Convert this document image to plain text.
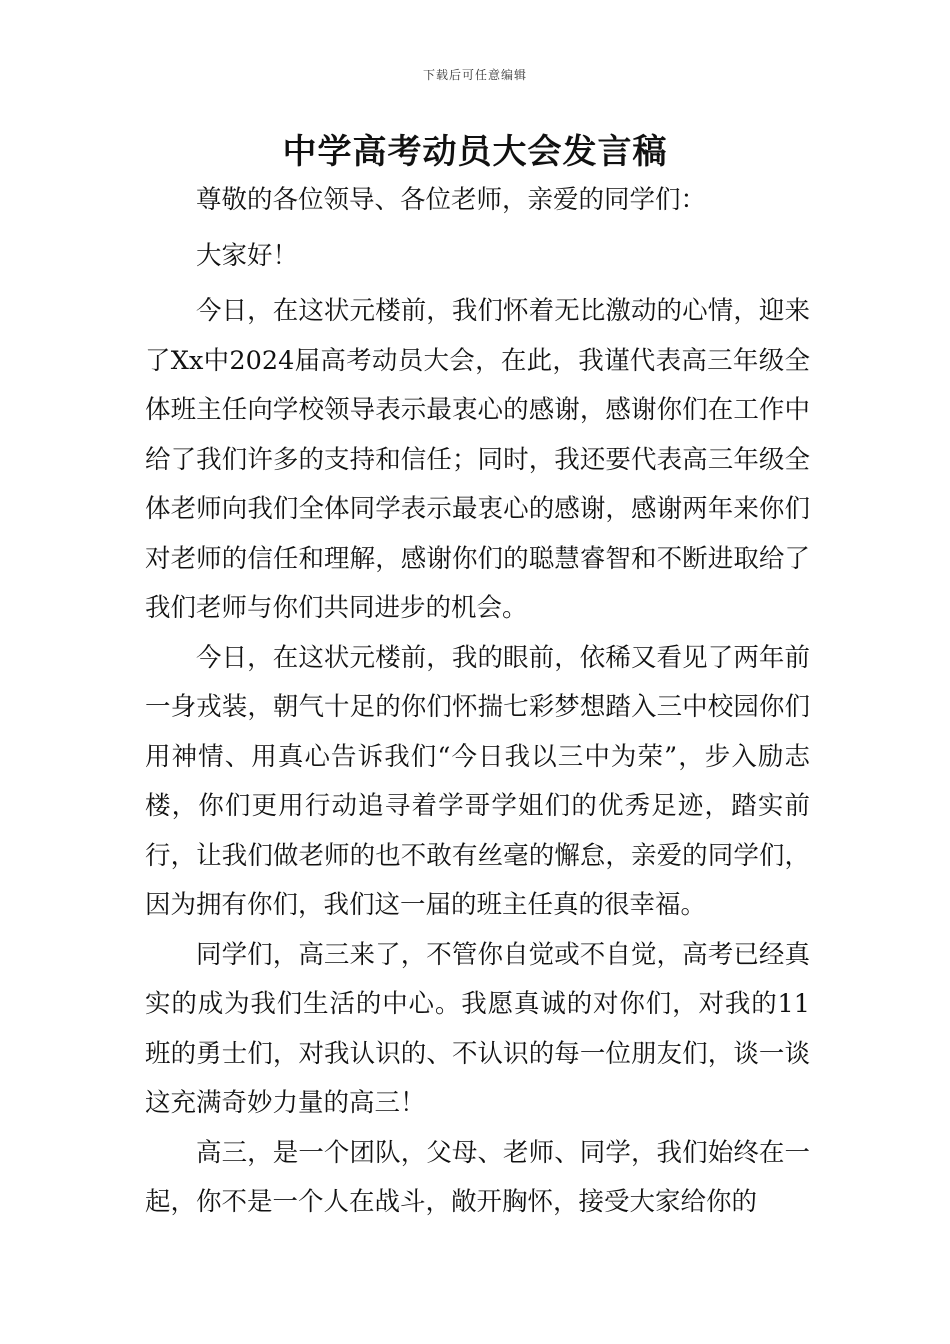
下载后可任意编辑
中学高考动员大会发言稿

尊敬的各位领导、各位老师，亲爱的同学们：

大家好！

今日，在这状元楼前，我们怀着无比激动的心情，迎来了Xx中2024届高考动员大会，在此，我谨代表高三年级全体班主任向学校领导表示最衷心的感谢，感谢你们在工作中给了我们许多的支持和信任；同时，我还要代表高三年级全体老师向我们全体同学表示最衷心的感谢，感谢两年来你们对老师的信任和理解，感谢你们的聪慧睿智和不断进取给了我们老师与你们共同进步的机会。

今日，在这状元楼前，我的眼前，依稀又看见了两年前一身戎装，朝气十足的你们怀揣七彩梦想踏入三中校园你们用神情、用真心告诉我们“今日我以三中为荣”，步入励志楼，你们更用行动追寻着学哥学姐们的优秀足迹，踏实前行，让我们做老师的也不敢有丝毫的懈怠，亲爱的同学们，因为拥有你们，我们这一届的班主任真的很幸福。

同学们，高三来了，不管你自觉或不自觉，高考已经真实的成为我们生活的中心。我愿真诚的对你们，对我的11班的勇士们，对我认识的、不认识的每一位朋友们，谈一谈这充满奇妙力量的高三！

高三，是一个团队，父母、老师、同学，我们始终在一起，你不是一个人在战斗，敞开胸怀，接受大家给你的
